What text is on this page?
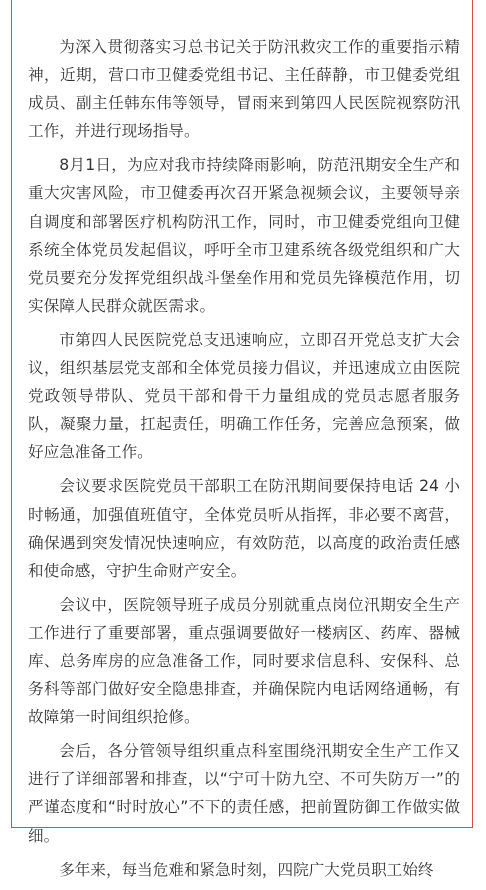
为深入贯彻落实习总书记关于防汛救灾工作的重要指示精神，近期，营口市卫健委党组书记、主任薛静，市卫健委党组成员、副主任韩东伟等领导，冒雨来到第四人民医院视察防汛工作，并进行现场指导。

8月1日，为应对我市持续降雨影响，防范汛期安全生产和重大灾害风险，市卫健委再次召开紧急视频会议，主要领导亲自调度和部署医疗机构防汛工作，同时，市卫健委党组向卫健系统全体党员发起倡议，呼吁全市卫建系统各级党组织和广大党员要充分发挥党组织战斗堡垒作用和党员先锋模范作用，切实保障人民群众就医需求。

市第四人民医院党总支迅速响应，立即召开党总支扩大会议，组织基层党支部和全体党员接力倡议，并迅速成立由医院党政领导带队、党员干部和骨干力量组成的党员志愿者服务队，凝聚力量，扛起责任，明确工作任务，完善应急预案，做好应急准备工作。

会议要求医院党员干部职工在防汛期间要保持电话 24 小时畅通，加强值班值守，全体党员听从指挥，非必要不离营，确保遇到突发情况快速响应，有效防范，以高度的政治责任感和使命感，守护生命财产安全。

会议中，医院领导班子成员分别就重点岗位汛期安全生产工作进行了重要部署，重点强调要做好一楼病区、药库、器械库、总务库房的应急准备工作，同时要求信息科、安保科、总务科等部门做好安全隐患排查，并确保院内电话网络通畅，有故障第一时间组织抢修。

会后，各分管领导组织重点科室围绕汛期安全生产工作又进行了详细部署和排查，以“宁可十防九空、不可失防万一”的严谨态度和“时时放心”不下的责任感，把前置防御工作做实做细。

多年来，每当危难和紧急时刻，四院广大党员职工始终
